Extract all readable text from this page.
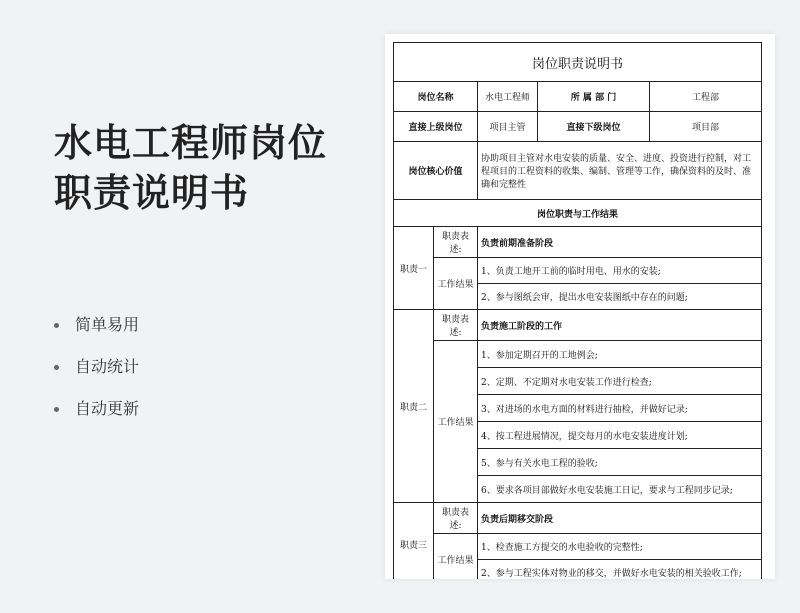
水电工程师岗位职责说明书
简单易用
自动统计
自动更新
岗位职责说明书				
岗位名称		水电工程师	所 属 部 门	工程部
直接上级岗位		项目主管	直接下级岗位	项目部
岗位核心价值		协助项目主管对水电安装的质量、安全、进度、投资进行控制，对工程项目的工程资料的收集、编制、管理等工作，确保资料的及时、准确和完整性		
岗位职责与工作结果				
职责一	职责表述:	负责前期准备阶段		
	工作结果	1、负责工地开工前的临时用电、用水的安装;		
		2、参与图纸会审，提出水电安装图纸中存在的问题;		
职责二	职责表述:	负责施工阶段的工作		
	工作结果	1、参加定期召开的工地例会;		
		2、定期、不定期对水电安装工作进行检查;		
		3、对进场的水电方面的材料进行抽检，并做好记录;		
		4、按工程进展情况，提交每月的水电安装进度计划;		
		5、参与有关水电工程的验收;		
		6、要求各项目部做好水电安装施工日记，要求与工程同步记录;		
职责三	职责表述:	负责后期移交阶段		
	工作结果	1、检查施工方提交的水电验收的完整性;		
		2、参与工程实体对物业的移交，并做好水电安装的相关验收工作;		
